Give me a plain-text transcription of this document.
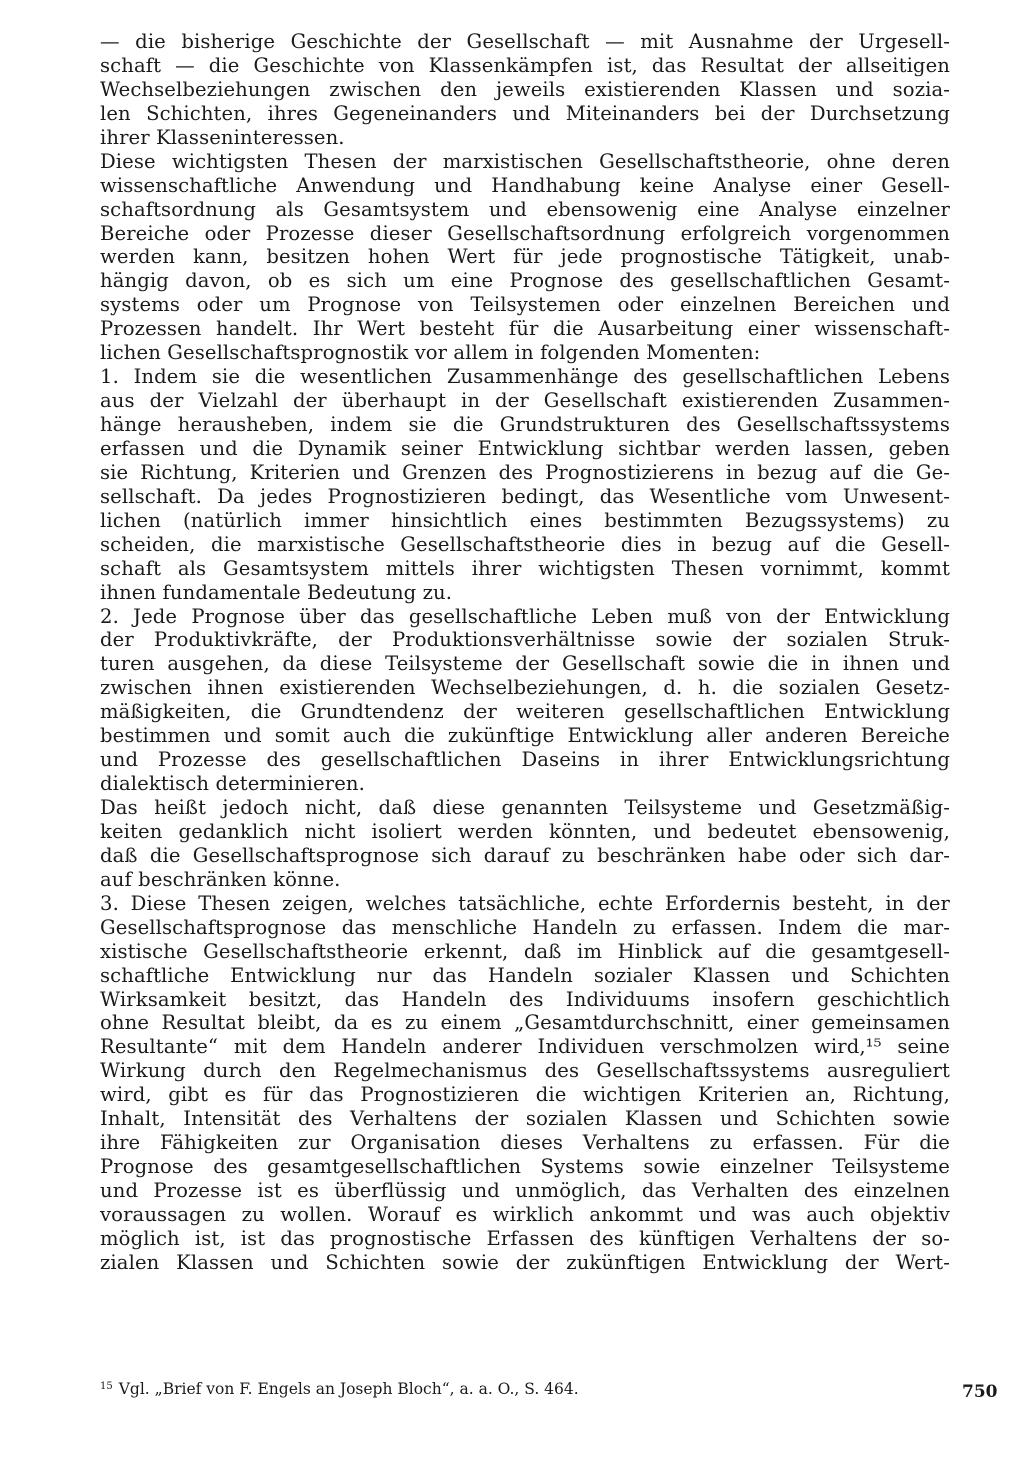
— die bisherige Geschichte der Gesellschaft — mit Ausnahme der Urgesell-
schaft — die Geschichte von Klassenkämpfen ist, das Resultat der allseitigen
Wechselbeziehungen zwischen den jeweils existierenden Klassen und sozia-
len Schichten, ihres Gegeneinanders und Miteinanders bei der Durchsetzung
ihrer Klasseninteressen.
Diese wichtigsten Thesen der marxistischen Gesellschaftstheorie, ohne deren
wissenschaftliche Anwendung und Handhabung keine Analyse einer Gesell-
schaftsordnung als Gesamtsystem und ebensowenig eine Analyse einzelner
Bereiche oder Prozesse dieser Gesellschaftsordnung erfolgreich vorgenommen
werden kann, besitzen hohen Wert für jede prognostische Tätigkeit, unab-
hängig davon, ob es sich um eine Prognose des gesellschaftlichen Gesamt-
systems oder um Prognose von Teilsystemen oder einzelnen Bereichen und
Prozessen handelt. Ihr Wert besteht für die Ausarbeitung einer wissenschaft-
lichen Gesellschaftsprognostik vor allem in folgenden Momenten:
1. Indem sie die wesentlichen Zusammenhänge des gesellschaftlichen Lebens
aus der Vielzahl der überhaupt in der Gesellschaft existierenden Zusammen-
hänge herausheben, indem sie die Grundstrukturen des Gesellschaftssystems
erfassen und die Dynamik seiner Entwicklung sichtbar werden lassen, geben
sie Richtung, Kriterien und Grenzen des Prognostizierens in bezug auf die Ge-
sellschaft. Da jedes Prognostizieren bedingt, das Wesentliche vom Unwesent-
lichen (natürlich immer hinsichtlich eines bestimmten Bezugssystems) zu
scheiden, die marxistische Gesellschaftstheorie dies in bezug auf die Gesell-
schaft als Gesamtsystem mittels ihrer wichtigsten Thesen vornimmt, kommt
ihnen fundamentale Bedeutung zu.
2. Jede Prognose über das gesellschaftliche Leben muß von der Entwicklung
der Produktivkräfte, der Produktionsverhältnisse sowie der sozialen Struk-
turen ausgehen, da diese Teilsysteme der Gesellschaft sowie die in ihnen und
zwischen ihnen existierenden Wechselbeziehungen, d. h. die sozialen Gesetz-
mäßigkeiten, die Grundtendenz der weiteren gesellschaftlichen Entwicklung
bestimmen und somit auch die zukünftige Entwicklung aller anderen Bereiche
und Prozesse des gesellschaftlichen Daseins in ihrer Entwicklungsrichtung
dialektisch determinieren.
Das heißt jedoch nicht, daß diese genannten Teilsysteme und Gesetzmäßig-
keiten gedanklich nicht isoliert werden könnten, und bedeutet ebensowenig,
daß die Gesellschaftsprognose sich darauf zu beschränken habe oder sich dar-
auf beschränken könne.
3. Diese Thesen zeigen, welches tatsächliche, echte Erfordernis besteht, in der
Gesellschaftsprognose das menschliche Handeln zu erfassen. Indem die mar-
xistische Gesellschaftstheorie erkennt, daß im Hinblick auf die gesamtgesell-
schaftliche Entwicklung nur das Handeln sozialer Klassen und Schichten
Wirksamkeit besitzt, das Handeln des Individuums insofern geschichtlich
ohne Resultat bleibt, da es zu einem „Gesamtdurchschnitt, einer gemeinsamen
Resultante“ mit dem Handeln anderer Individuen verschmolzen wird,¹⁵ seine
Wirkung durch den Regelmechanismus des Gesellschaftssystems ausreguliert
wird, gibt es für das Prognostizieren die wichtigen Kriterien an, Richtung,
Inhalt, Intensität des Verhaltens der sozialen Klassen und Schichten sowie
ihre Fähigkeiten zur Organisation dieses Verhaltens zu erfassen. Für die
Prognose des gesamtgesellschaftlichen Systems sowie einzelner Teilsysteme
und Prozesse ist es überflüssig und unmöglich, das Verhalten des einzelnen
voraussagen zu wollen. Worauf es wirklich ankommt und was auch objektiv
möglich ist, ist das prognostische Erfassen des künftigen Verhaltens der so-
zialen Klassen und Schichten sowie der zukünftigen Entwicklung der Wert-
$^{15}$ Vgl. „Brief von F. Engels an Joseph Bloch“, a. a. O., S. 464.	750
